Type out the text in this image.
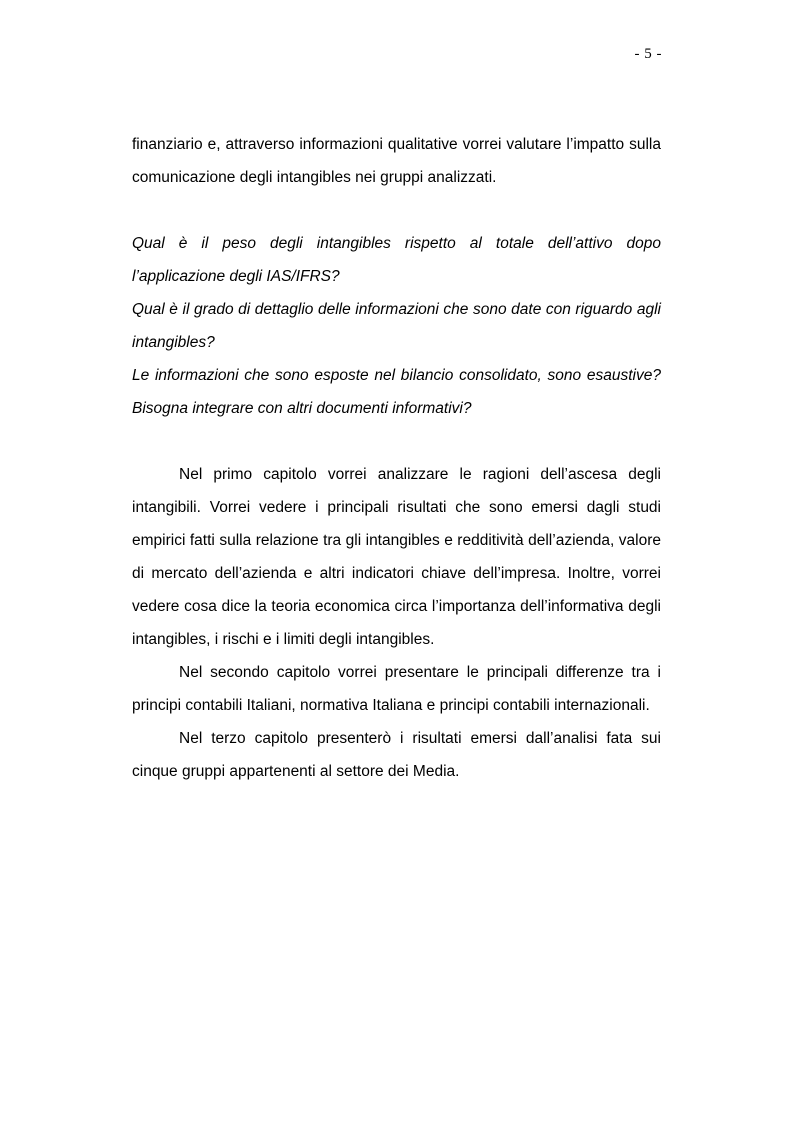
- 5 -

finanziario e, attraverso informazioni qualitative vorrei valutare l’impatto sulla comunicazione degli intangibles nei gruppi analizzati.

Qual è il peso degli intangibles rispetto al totale dell’attivo dopo l’applicazione degli IAS/IFRS?

Qual è il grado di dettaglio delle informazioni che sono date con riguardo agli intangibles?

Le informazioni che sono esposte nel bilancio consolidato, sono esaustive? Bisogna integrare con altri documenti informativi?

Nel primo capitolo vorrei analizzare le ragioni dell’ascesa degli intangibili. Vorrei vedere i principali risultati che sono emersi dagli studi empirici fatti sulla relazione tra gli intangibles e redditività dell’azienda, valore di mercato dell’azienda e altri indicatori chiave dell’impresa. Inoltre, vorrei vedere cosa dice la teoria economica circa l’importanza dell’informativa degli intangibles, i rischi e i limiti degli intangibles.

Nel secondo capitolo vorrei presentare le principali differenze tra i principi contabili Italiani, normativa Italiana e principi contabili internazionali.

Nel terzo capitolo presenterò i risultati emersi dall’analisi fata sui cinque gruppi appartenenti al settore dei Media.
